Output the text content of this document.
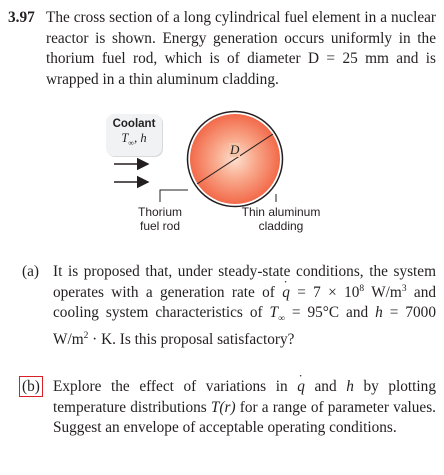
3.97 The cross section of a long cylindrical fuel element in a nuclear reactor is shown. Energy generation occurs uniformly in the thorium fuel rod, which is of diameter D = 25 mm and is wrapped in a thin aluminum cladding.
Coolant
$T_\infty$, h
D
Thorium
fuel rod
Thin aluminum
cladding
(a) It is proposed that, under steady-state conditions, the system operates with a generation rate of ˙ $q = 7 \times 10^8$ $W/m^3$ and cooling system characteristics of $T_\infty = 95^\circ C$ and h = 7000 $W/m^2 \cdot K$. Is this proposal satisfactory?
(b) Explore the effect of variations in ˙ q and h by plotting temperature distributions T(r) for a range of parameter values. Suggest an envelope of acceptable operating conditions.
